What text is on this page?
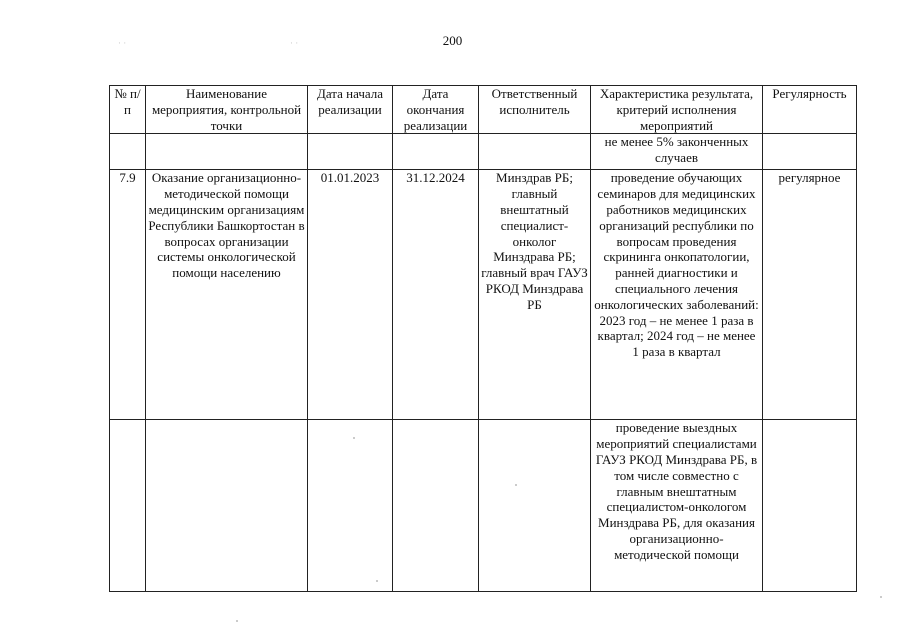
200
· ·	· ·
№ п/п	Наименование мероприятия, контрольной точки	Дата начала реализации	Дата окончания реализации	Ответственный исполнитель	Характеристика результата, критерий исполнения мероприятий	Регулярность
					не менее 5% законченных случаев	
7.9	Оказание организационно-методической помощи медицинским организациям Республики Башкортостан в вопросах организации системы онкологической помощи населению	01.01.2023	31.12.2024	Минздрав РБ; главный внештатный специалист-онколог Минздрава РБ; главный врач ГАУЗ РКОД Минздрава РБ	проведение обучающих семинаров для медицинских работников медицинских организаций республики по вопросам проведения скрининга онкопатологии, ранней диагностики и специального лечения онкологических заболеваний: 2023 год – не менее 1 раза в квартал; 2024 год – не менее 1 раза в квартал	регулярное
					проведение выездных мероприятий специалистами ГАУЗ РКОД Минздрава РБ, в том числе совместно с главным внештатным специалистом-онкологом Минздрава РБ, для оказания организационно-методической помощи	
